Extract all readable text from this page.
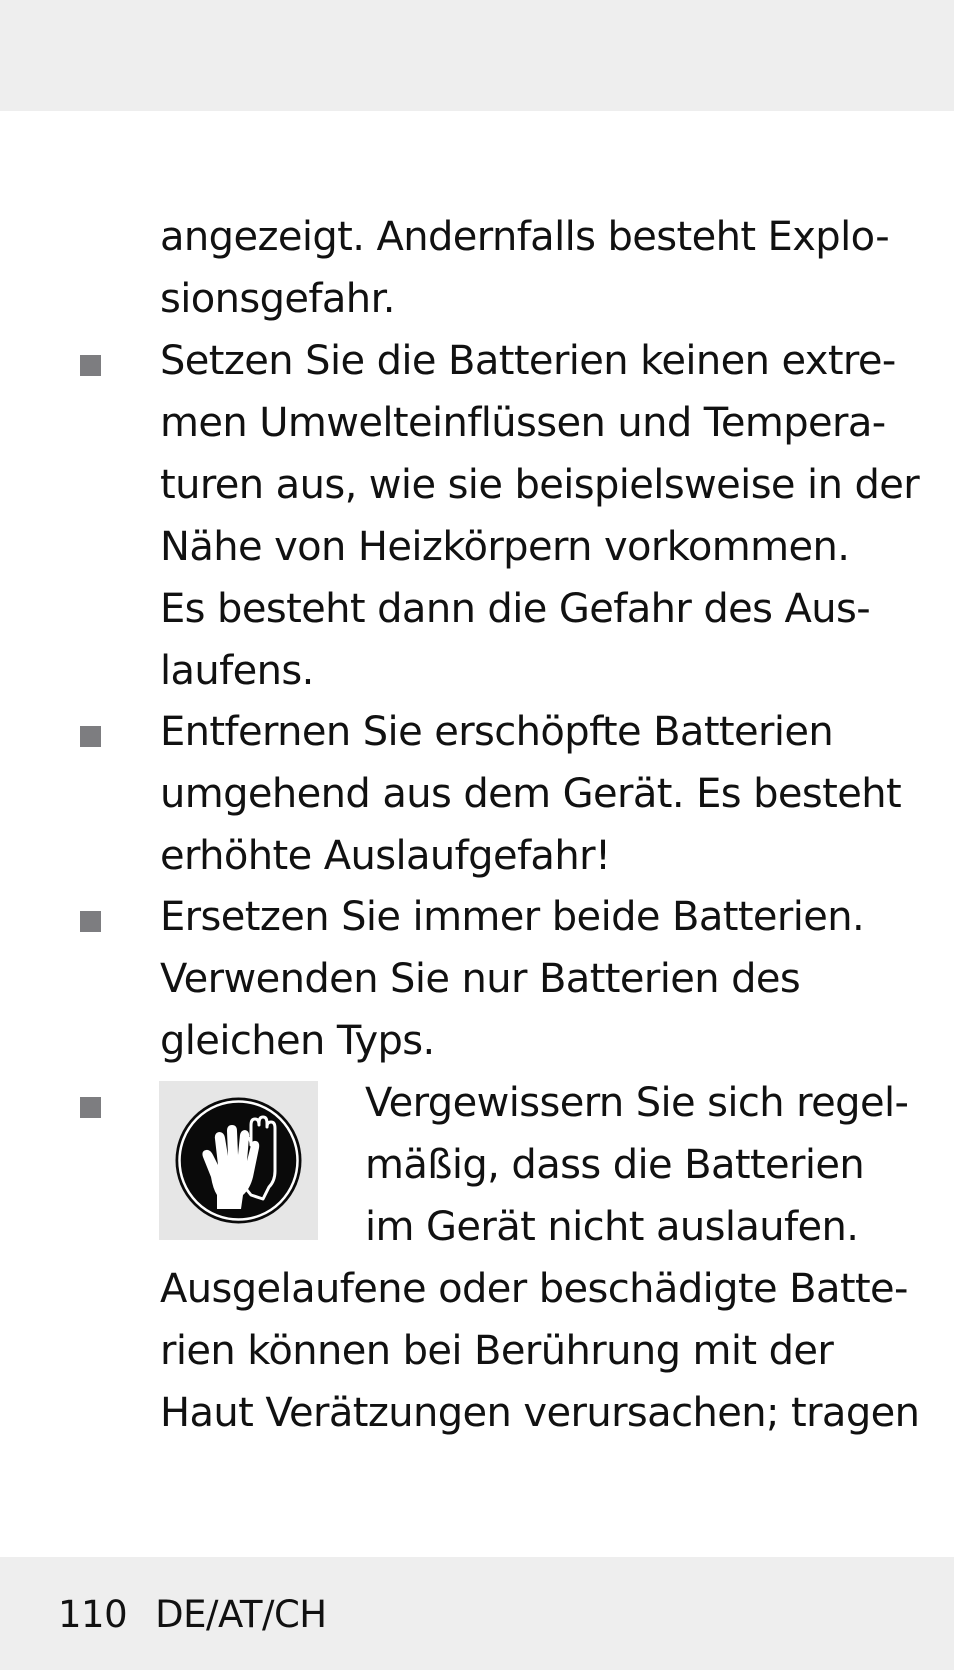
angezeigt. Andernfalls besteht Explo-
sionsgefahr.
Setzen Sie die Batterien keinen extre-
men Umwelteinflüssen und Tempera-
turen aus, wie sie beispielsweise in der
Nähe von Heizkörpern vorkommen.
Es besteht dann die Gefahr des Aus-
laufens.
Entfernen Sie erschöpfte Batterien
umgehend aus dem Gerät. Es besteht
erhöhte Auslaufgefahr!
Ersetzen Sie immer beide Batterien.
Verwenden Sie nur Batterien des
gleichen Typs.
Vergewissern Sie sich regel-
mäßig, dass die Batterien
im Gerät nicht auslaufen.
Ausgelaufene oder beschädigte Batte-
rien können bei Berührung mit der
Haut Verätzungen verursachen; tragen
110 DE/AT/CH
